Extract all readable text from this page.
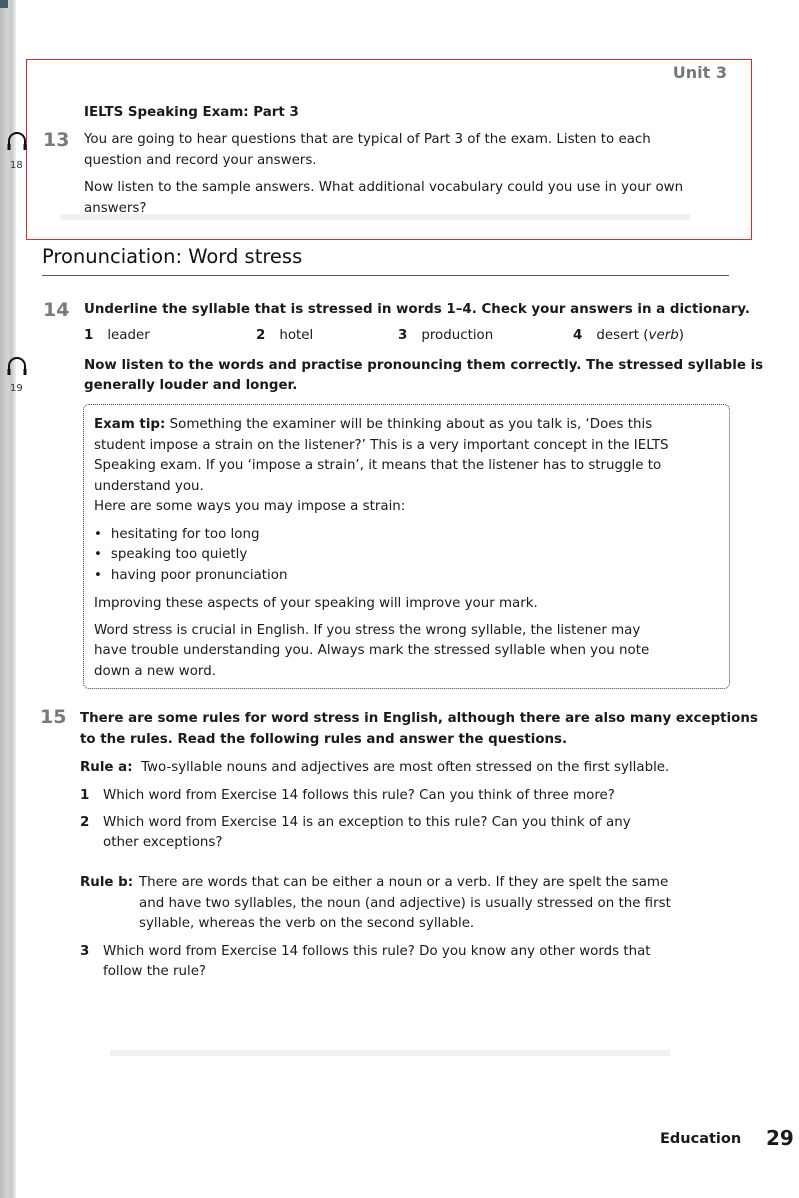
Unit 3
IELTS Speaking Exam: Part 3
18
13 You are going to hear questions that are typical of Part 3 of the exam. Listen to each
question and record your answers.
Now listen to the sample answers. What additional vocabulary could you use in your own
answers?
Pronunciation: Word stress
14 Underline the syllable that is stressed in words 1–4. Check your answers in a dictionary.
1 leader	2 hotel	3 production	4 desert (verb)
19
Now listen to the words and practise pronouncing them correctly. The stressed syllable is
generally louder and longer.
Exam tip: Something the examiner will be thinking about as you talk is, ‘Does this
student impose a strain on the listener?’ This is a very important concept in the IELTS
Speaking exam. If you ‘impose a strain’, it means that the listener has to struggle to
understand you.
Here are some ways you may impose a strain:
• hesitating for too long
• speaking too quietly
• having poor pronunciation
Improving these aspects of your speaking will improve your mark.
Word stress is crucial in English. If you stress the wrong syllable, the listener may
have trouble understanding you. Always mark the stressed syllable when you note
down a new word.
15 There are some rules for word stress in English, although there are also many exceptions
to the rules. Read the following rules and answer the questions.
Rule a: Two-syllable nouns and adjectives are most often stressed on the first syllable.
1 Which word from Exercise 14 follows this rule? Can you think of three more?
2 Which word from Exercise 14 is an exception to this rule? Can you think of any
other exceptions?
Rule b: There are words that can be either a noun or a verb. If they are spelt the same
and have two syllables, the noun (and adjective) is usually stressed on the first
syllable, whereas the verb on the second syllable.
3 Which word from Exercise 14 follows this rule? Do you know any other words that
follow the rule?
Education 29
